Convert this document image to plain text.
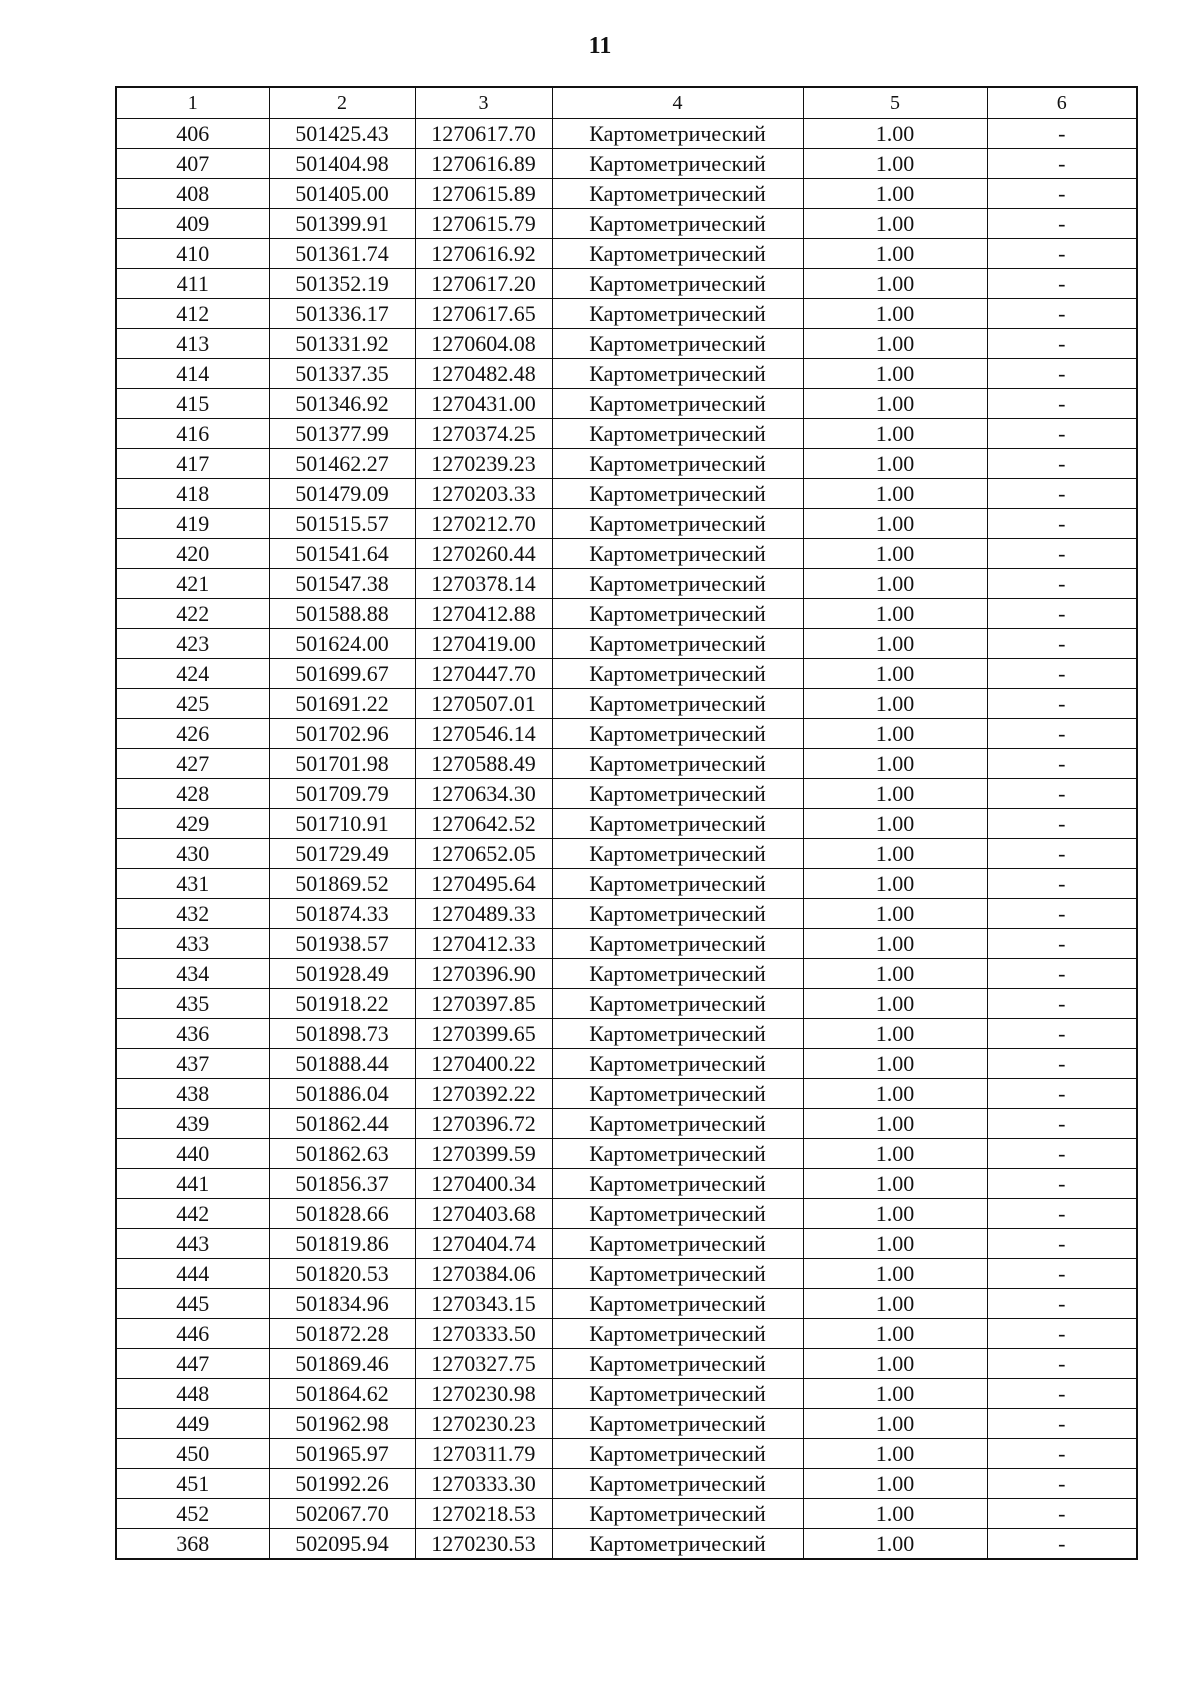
11
1	2	3	4	5	6
406	501425.43	1270617.70	Картометрический	1.00	-
407	501404.98	1270616.89	Картометрический	1.00	-
408	501405.00	1270615.89	Картометрический	1.00	-
409	501399.91	1270615.79	Картометрический	1.00	-
410	501361.74	1270616.92	Картометрический	1.00	-
411	501352.19	1270617.20	Картометрический	1.00	-
412	501336.17	1270617.65	Картометрический	1.00	-
413	501331.92	1270604.08	Картометрический	1.00	-
414	501337.35	1270482.48	Картометрический	1.00	-
415	501346.92	1270431.00	Картометрический	1.00	-
416	501377.99	1270374.25	Картометрический	1.00	-
417	501462.27	1270239.23	Картометрический	1.00	-
418	501479.09	1270203.33	Картометрический	1.00	-
419	501515.57	1270212.70	Картометрический	1.00	-
420	501541.64	1270260.44	Картометрический	1.00	-
421	501547.38	1270378.14	Картометрический	1.00	-
422	501588.88	1270412.88	Картометрический	1.00	-
423	501624.00	1270419.00	Картометрический	1.00	-
424	501699.67	1270447.70	Картометрический	1.00	-
425	501691.22	1270507.01	Картометрический	1.00	-
426	501702.96	1270546.14	Картометрический	1.00	-
427	501701.98	1270588.49	Картометрический	1.00	-
428	501709.79	1270634.30	Картометрический	1.00	-
429	501710.91	1270642.52	Картометрический	1.00	-
430	501729.49	1270652.05	Картометрический	1.00	-
431	501869.52	1270495.64	Картометрический	1.00	-
432	501874.33	1270489.33	Картометрический	1.00	-
433	501938.57	1270412.33	Картометрический	1.00	-
434	501928.49	1270396.90	Картометрический	1.00	-
435	501918.22	1270397.85	Картометрический	1.00	-
436	501898.73	1270399.65	Картометрический	1.00	-
437	501888.44	1270400.22	Картометрический	1.00	-
438	501886.04	1270392.22	Картометрический	1.00	-
439	501862.44	1270396.72	Картометрический	1.00	-
440	501862.63	1270399.59	Картометрический	1.00	-
441	501856.37	1270400.34	Картометрический	1.00	-
442	501828.66	1270403.68	Картометрический	1.00	-
443	501819.86	1270404.74	Картометрический	1.00	-
444	501820.53	1270384.06	Картометрический	1.00	-
445	501834.96	1270343.15	Картометрический	1.00	-
446	501872.28	1270333.50	Картометрический	1.00	-
447	501869.46	1270327.75	Картометрический	1.00	-
448	501864.62	1270230.98	Картометрический	1.00	-
449	501962.98	1270230.23	Картометрический	1.00	-
450	501965.97	1270311.79	Картометрический	1.00	-
451	501992.26	1270333.30	Картометрический	1.00	-
452	502067.70	1270218.53	Картометрический	1.00	-
368	502095.94	1270230.53	Картометрический	1.00	-
